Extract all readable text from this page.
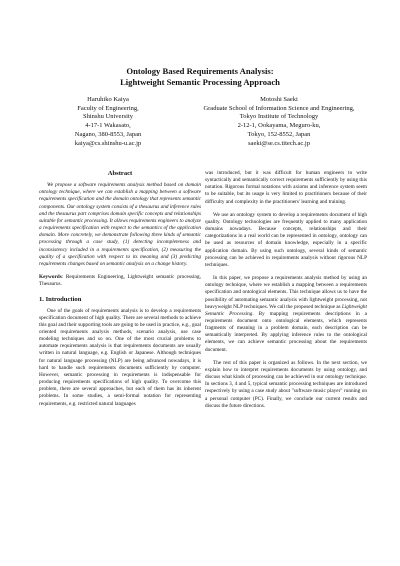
Ontology Based Requirements Analysis:
Lightweight Semantic Processing Approach
Haruhiko Kaiya
Faculty of Engineering,
Shinshu University
4-17-1 Wakasato,
Nagano, 380-8553, Japan
kaiya@cs.shinshu-u.ac.jp
Motoshi Saeki
Graduate School of Information Science and Engineering,
Tokyo Institute of Technology
2-12-1, Ookayama, Meguro-ku,
Tokyo, 152-8552, Japan
saeki@se.cs.titech.ac.jp
Abstract

We propose a software requirements analysis method based on domain ontology technique, where we can establish a mapping between a software requirements specification and the domain ontology that represents semantic components. Our ontology system consists of a thesaurus and inference rules and the thesaurus part comprises domain specific concepts and relationships suitable for semantic processing. It allows requirements engineers to analyze a requirements specification with respect to the semantics of the application domain. More concretely, we demonstrate following three kinds of semantic processing through a case study, (1) detecting incompleteness and inconsistency included in a requirements specification, (2) measuring the quality of a specification with respect to its meaning and (3) predicting requirements changes based on semantic analysis on a change history.

Keywords: Requirements Engineering, Lightweight semantic processing, Thesaurus.
1. Introduction

One of the goals of requirements analysis is to develop a requirements specification document of high quality. There are several methods to achieve this goal and their supporting tools are going to be used in practice, e.g., goal oriented requirements analysis methods, scenario analysis, use case modeling techniques and so on. One of the most crucial problems to automate requirements analysis is that requirements documents are usually written in natural language, e.g. English or Japanese. Although techniques for natural language processing (NLP) are being advanced nowadays, it is hard to handle such requirements documents sufficiently by computer. However, semantic processing in requirements is indispensable for producing requirements specifications of high quality. To overcome this problem, there are several approaches, but each of them has its inherent problems. In some studies, a semi-formal notation for representing requirements, e.g. restricted natural languages

was introduced, but it was difficult for human engineers to write syntactically and semantically correct requirements sufficiently by using this notation. Rigorous formal notations with axioms and inference system seem to be suitable, but its usage is very limited to practitioners because of their difficulty and complexity in the practitioners' learning and training.

We use an ontology system to develop a requirements document of high quality. Ontology technologies are frequently applied to many application domains nowadays. Because concepts, relationships and their categorizations in a real world can be represented in ontology, ontology can be used as resources of domain knowledge, especially in a specific application domain. By using such ontology, several kinds of semantic processing can be achieved in requirements analysis without rigorous NLP techniques.

In this paper, we propose a requirements analysis method by using an ontology technique, where we establish a mapping between a requirements specification and ontological elements. This technique allows us to have the possibility of automating semantic analysis with lightweight processing, not heavyweight NLP techniques. We call the proposed technique as Lightweight Semantic Processing. By mapping requirements descriptions in a requirements document onto ontological elements, which represents fragments of meaning in a problem domain, each description can be semantically interpreted. By applying inference rules to the ontological elements, we can achieve semantic processing about the requirements document.

The rest of this paper is organized as follows. In the next section, we explain how to interpret requirements documents by using ontology, and discuss what kinds of processing can be achieved in our ontology technique. In sections 3, 4 and 5, typical semantic processing techniques are introduced respectively by using a case study about "software music player" running on a personal computer (PC). Finally, we conclude our current results and discuss the future directions.
